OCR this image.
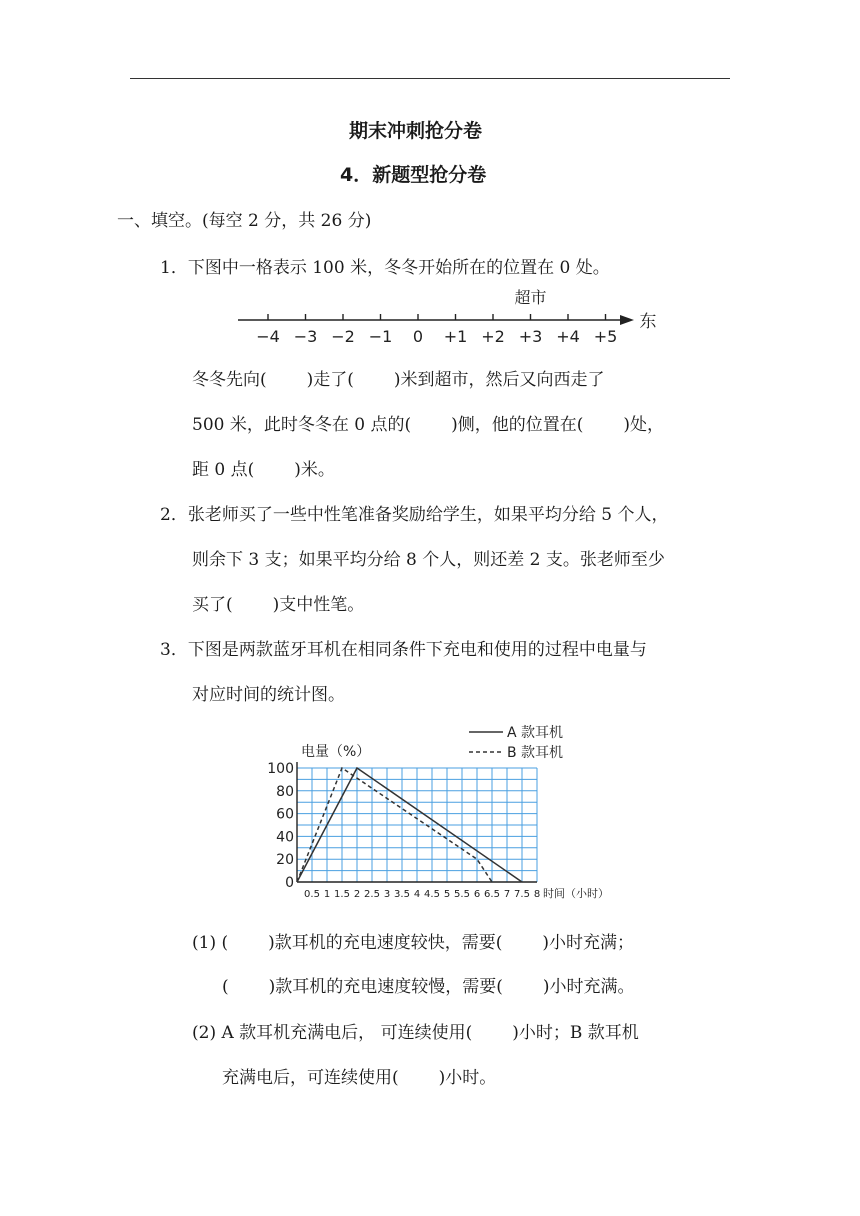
期末冲刺抢分卷
4．新题型抢分卷
一、填空。(每空 2 分，共 26 分)
1．下图中一格表示 100 米，冬冬开始所在的位置在 0 处。
−4 −3 −2 −1 0 +1 +2 +3 +4 +5
超市
东
冬冬先向( )走了( )米到超市，然后又向西走了
500 米，此时冬冬在 0 点的( )侧，他的位置在( )处，
距 0 点( )米。
2．张老师买了一些中性笔准备奖励给学生，如果平均分给 5 个人，
则余下 3 支；如果平均分给 8 个人，则还差 2 支。张老师至少
买了( )支中性笔。
3．下图是两款蓝牙耳机在相同条件下充电和使用的过程中电量与
对应时间的统计图。
0
20
40
60
80
100
0.5 1 1.5 2 2.5 3 3.5 4 4.5 5 5.5 6 6.5 7 7.5 8
电量（%）
时间（小时）
A 款耳机
B 款耳机
(1) ( )款耳机的充电速度较快，需要( )小时充满；
( )款耳机的充电速度较慢，需要( )小时充满。
(2) A 款耳机充满电后， 可连续使用( )小时；B 款耳机
充满电后，可连续使用( )小时。
